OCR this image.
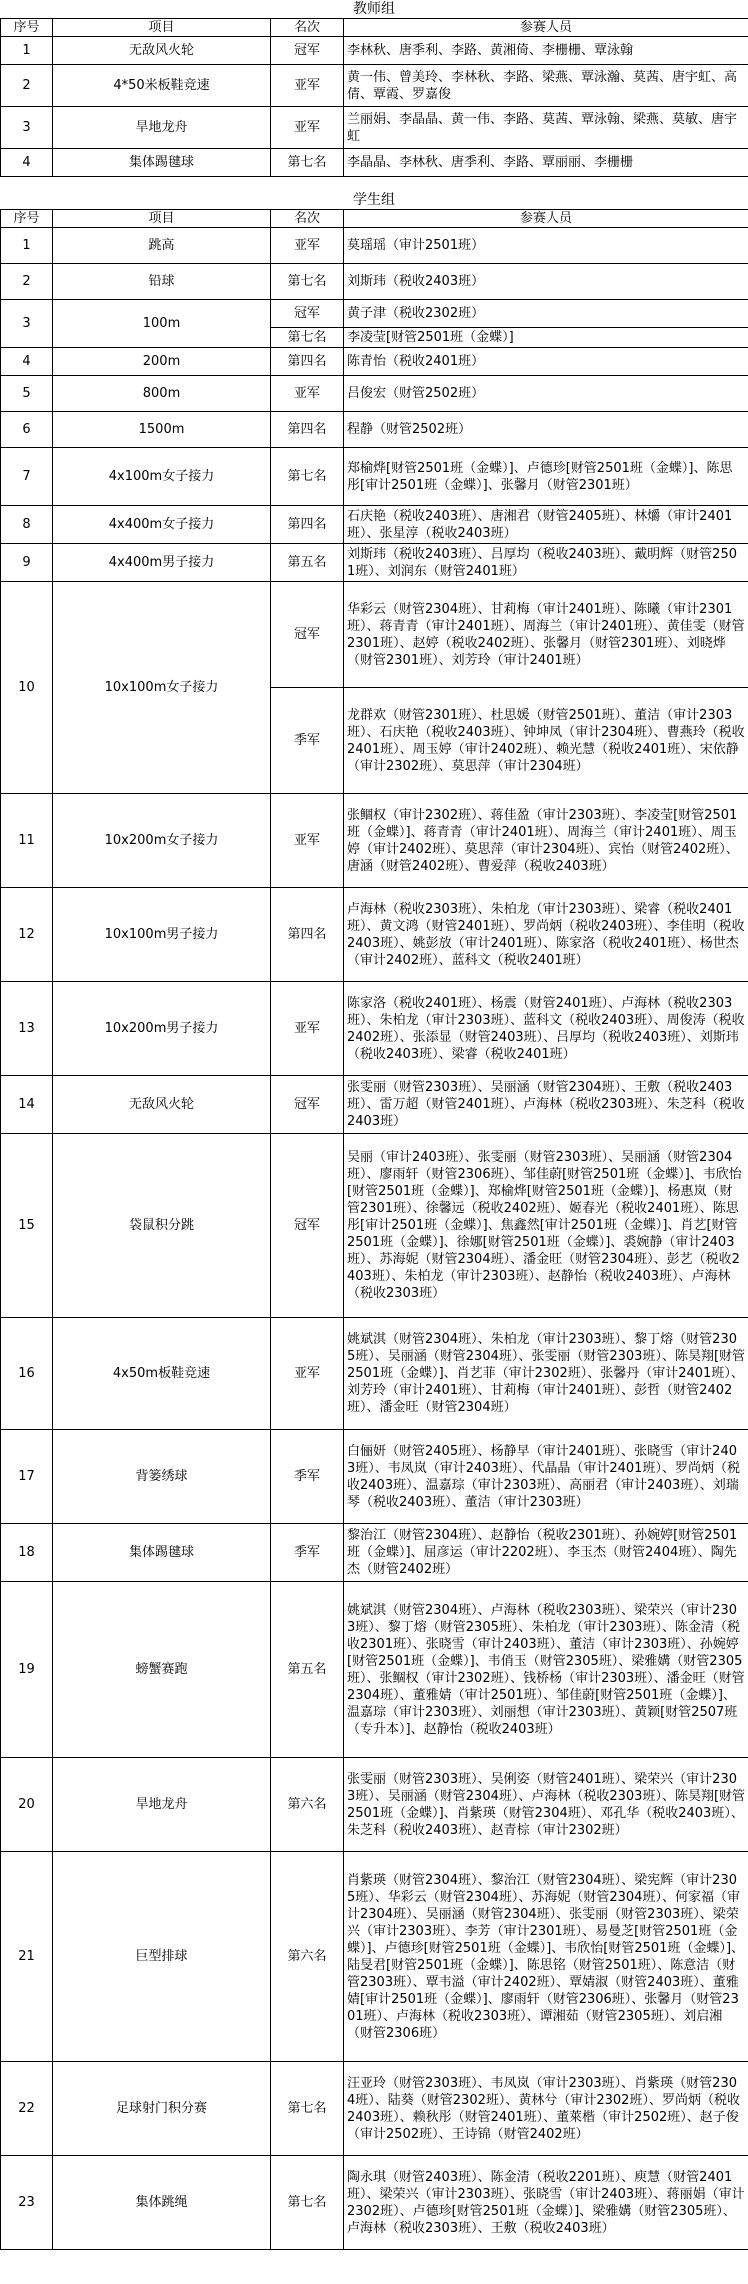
教师组
序号	项目	名次	参赛人员
1	无敌风火轮	冠军	李林秋、唐季利、李路、黄湘倚、李栅栅、覃泳翰
2	4*50米板鞋竞速	亚军	黄一伟、曾美玲、李林秋、李路、梁燕、覃泳瀚、莫茜、唐宇虹、高倩、覃霞、罗嘉俊
3	旱地龙舟	亚军	兰丽娟、李晶晶、黄一伟、李路、莫茜、覃泳翰、梁燕、莫敏、唐宇虹
4	集体踢毽球	第七名	李晶晶、李林秋、唐季利、李路、覃丽丽、李栅栅
学生组
序号	项目	名次	参赛人员
1	跳高	亚军	莫瑶瑶（审计2501班）
2	铅球	第七名	刘斯玮（税收2403班）
3	100m	冠军	黄子津（税收2302班）
		第七名	李凌莹[财管2501班（金蝶）]
4	200m	第四名	陈青怡（税收2401班）
5	800m	亚军	吕俊宏（财管2502班）
6	1500m	第四名	程静（财管2502班）
7	4x100m女子接力	第七名	郑榆烨[财管2501班（金蝶）]、卢德珍[财管2501班（金蝶）]、陈思彤[审计2501班（金蝶）]、张馨月（财管2301班）
8	4x400m女子接力	第四名	石庆艳（税收2403班）、唐湘君（财管2405班）、林爝（审计2401班）、张星淳（税收2403班）
9	4x400m男子接力	第五名	刘斯玮（税收2403班）、吕厚均（税收2403班）、戴明辉（财管2501班）、刘润东（财管2401班）
10	10x100m女子接力	冠军	华彩云（财管2304班）、甘莉梅（审计2401班）、陈曦（审计2301班）、蒋青青（审计2401班）、周海兰（审计2401班）、黄佳雯（财管2301班）、赵婷（税收2402班）、张馨月（财管2301班）、刘晓烨（财管2301班）、刘芳玲（审计2401班）
		季军	龙群欢（财管2301班）、杜思媛（财管2501班）、董洁（审计2303班）、石庆艳（税收2403班）、钟坤凤（审计2304班）、曹燕玲（税收2401班）、周玉婷（审计2402班）、赖光慧（税收2401班）、宋依静（审计2302班）、莫思萍（审计2304班）
11	10x200m女子接力	亚军	张鲴权（审计2302班）、蒋佳盈（审计2303班）、李凌莹[财管2501班（金蝶）]、蒋青青（审计2401班）、周海兰（审计2401班）、周玉婷（审计2402班）、莫思萍（审计2304班）、宾怡（财管2402班）、唐涵（财管2402班）、曹爱萍（税收2403班）
12	10x100m男子接力	第四名	卢海林（税收2303班）、朱柏龙（审计2303班）、梁睿（税收2401班）、黄文鸿（财管2401班）、罗尚炳（税收2403班）、李佳明（税收2403班）、姚彭放（审计2401班）、陈家洛（税收2401班）、杨世杰（审计2402班）、蓝科文（税收2401班）
13	10x200m男子接力	亚军	陈家洛（税收2401班）、杨震（财管2401班）、卢海林（税收2303班）、朱柏龙（审计2303班）、蓝科文（税收2403班）、周俊涛（税收2402班）、张添显（财管2403班）、吕厚均（税收2403班）、刘斯玮（税收2403班）、梁睿（税收2401班）
14	无敌风火轮	冠军	张雯丽（财管2303班）、吴丽涵（财管2304班）、王敷（税收2403班）、雷万超（财管2401班）、卢海林（税收2303班）、朱芝科（税收2403班）
15	袋鼠积分跳	冠军	吴丽（审计2403班）、张雯丽（财管2303班）、吴丽涵（财管2304班）、廖雨轩（财管2306班）、邹佳蔚[财管2501班（金蝶）]、韦欣怡[财管2501班（金蝶）]、郑榆烨[财管2501班（金蝶）]、杨惠岚（财管2301班）、徐馨远（税收2402班）、姬春光（税收2401班）、陈思彤[审计2501班（金蝶）]、焦鑫然[审计2501班（金蝶）]、肖艺[财管2501班（金蝶）]、徐娜[财管2501班（金蝶）]、裘婉静（审计2403班）、苏海妮（财管2304班）、潘金旺（财管2304班）、彭艺（税收2403班）、朱柏龙（审计2303班）、赵静怡（税收2403班）、卢海林（税收2303班）
16	4x50m板鞋竞速	亚军	姚斌淇（财管2304班）、朱柏龙（审计2303班）、黎丁熔（财管2305班）、吴丽涵（财管2304班）、张雯丽（财管2303班）、陈昊翔[财管2501班（金蝶）]、肖艺菲（审计2302班）、张馨丹（审计2401班）、刘芳玲（审计2401班）、甘莉梅（审计2401班）、彭哲（财管2402班）、潘金旺（财管2304班）
17	背篓绣球	季军	白俪妍（财管2405班）、杨静早（审计2401班）、张晓雪（审计2403班）、韦凤岚（审计2403班）、代晶晶（审计2401班）、罗尚炳（税收2403班）、温嘉琮（审计2303班）、高丽君（审计2403班）、刘瑞琴（税收2403班）、董洁（审计2303班）
18	集体踢毽球	季军	黎治江（财管2304班）、赵静怡（税收2301班）、孙婉婷[财管2501班（金蝶）]、屈彦运（审计2202班）、李玉杰（财管2404班）、陶先杰（财管2402班）
19	螃蟹赛跑	第五名	姚斌淇（财管2304班）、卢海林（税收2303班）、梁荣兴（审计2303班）、黎丁熔（财管2305班）、朱柏龙（审计2303班）、陈金清（税收2301班）、张晓雪（审计2403班）、董洁（审计2303班）、孙婉婷[财管2501班（金蝶）]、韦俏玉（财管2305班）、梁雅媾（财管2305班）、张鲴权（审计2302班）、钱桥杨（审计2303班）、潘金旺（财管2304班）、董雅婧（审计2501班）、邹佳蔚[财管2501班（金蝶）]、温嘉琮（审计2303班）、刘丽想（审计2303班）、黄颖[财管2507班（专升本）]、赵静怡（税收2403班）
20	旱地龙舟	第六名	张雯丽（财管2303班）、吴俐姿（财管2401班）、梁荣兴（审计2303班）、吴丽涵（财管2304班）、卢海林（税收2303班）、陈昊翔[财管2501班（金蝶）]、肖紫瑛（财管2304班）、邓孔华（税收2403班）、朱芝科（税收2403班）、赵青棕（审计2302班）
21	巨型排球	第六名	肖紫瑛（财管2304班）、黎治江（财管2304班）、梁宪辉（审计2305班）、华彩云（财管2304班）、苏海妮（财管2304班）、何家福（审计2304班）、吴丽涵（财管2304班）、张雯丽（财管2303班）、梁荣兴（审计2303班）、李芳（审计2301班）、易曼芝[财管2501班（金蝶）]、卢德珍[财管2501班（金蝶）]、韦欣怡[财管2501班（金蝶）]、陆旻君[财管2501班（金蝶）]、陈思铭（财管2501班）、陈意洁（财管2303班）、覃韦溢（审计2402班）、覃婧淑（财管2403班）、董雅婧[审计2501班（金蝶）]、廖雨轩（财管2306班）、张馨月（财管2301班）、卢海林（税收2303班）、谭湘茹（财管2305班）、刘启湘（财管2306班）
22	足球射门积分赛	第七名	汪亚玲（财管2303班）、韦凤岚（审计2303班）、肖紫瑛（财管2304班）、陆葵（财管2302班）、黄林兮（审计2302班）、罗尚炳（税收2403班）、赖秋彤（财管2401班）、董萊楷（审计2502班）、赵子俊（审计2502班）、王诗锦（财管2402班）
23	集体跳绳	第七名	陶永琪（财管2403班）、陈金清（税收2201班）、庾慧（财管2401班）、梁荣兴（审计2303班）、张晓雪（审计2403班）、蒋丽娟（审计2302班）、卢德珍[财管2501班（金蝶）]、梁雅媾（财管2305班）、卢海林（税收2303班）、王敷（税收2403班）
